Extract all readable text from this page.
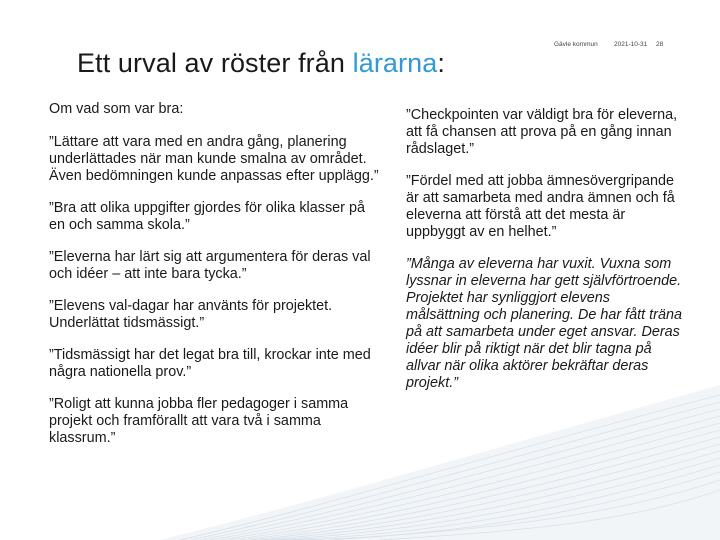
Gävle kommun	2021-10-31 28
Ett urval av röster från lärarna:

Om vad som var bra:

”Lättare att vara med en andra gång, planering underlättades när man kunde smalna av området. Även bedömningen kunde anpassas efter upplägg.”

”Bra att olika uppgifter gjordes för olika klasser på en och samma skola.”

”Eleverna har lärt sig att argumentera för deras val och idéer – att inte bara tycka.”

”Elevens val-dagar har använts för projektet. Underlättat tidsmässigt.”

”Tidsmässigt har det legat bra till, krockar inte med några nationella prov.”

”Roligt att kunna jobba fler pedagoger i samma projekt och framförallt att vara två i samma klassrum.”

”Checkpointen var väldigt bra för eleverna, att få chansen att prova på en gång innan rådslaget.”

”Fördel med att jobba ämnesövergripande är att samarbeta med andra ämnen och få eleverna att förstå att det mesta är uppbyggt av en helhet.”

”Många av eleverna har vuxit. Vuxna som lyssnar in eleverna har gett självförtroende. Projektet har synliggjort elevens målsättning och planering. De har fått träna på att samarbeta under eget ansvar. Deras idéer blir på riktigt när det blir tagna på allvar när olika aktörer bekräftar deras projekt.”
